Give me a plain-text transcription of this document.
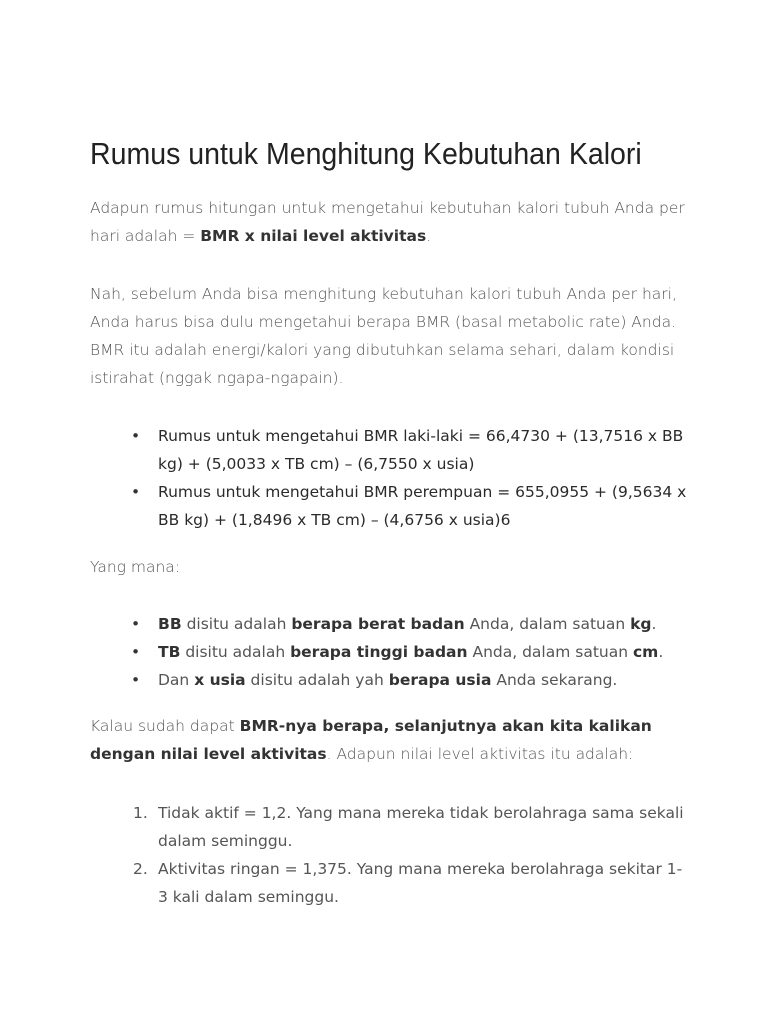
Rumus untuk Menghitung Kebutuhan Kalori

Adapun rumus hitungan untuk mengetahui kebutuhan kalori tubuh Anda per hari adalah = BMR x nilai level aktivitas.

Nah, sebelum Anda bisa menghitung kebutuhan kalori tubuh Anda per hari, Anda harus bisa dulu mengetahui berapa BMR (basal metabolic rate) Anda. BMR itu adalah energi/kalori yang dibutuhkan selama sehari, dalam kondisi istirahat (nggak ngapa-ngapain).

• Rumus untuk mengetahui BMR laki-laki = 66,4730 + (13,7516 x BB kg) + (5,0033 x TB cm) – (6,7550 x usia)
• Rumus untuk mengetahui BMR perempuan = 655,0955 + (9,5634 x BB kg) + (1,8496 x TB cm) – (4,6756 x usia)6

Yang mana:

• BB disitu adalah berapa berat badan Anda, dalam satuan kg.
• TB disitu adalah berapa tinggi badan Anda, dalam satuan cm.
• Dan x usia disitu adalah yah berapa usia Anda sekarang.

Kalau sudah dapat BMR-nya berapa, selanjutnya akan kita kalikan dengan nilai level aktivitas. Adapun nilai level aktivitas itu adalah:

1. Tidak aktif = 1,2. Yang mana mereka tidak berolahraga sama sekali dalam seminggu.
2. Aktivitas ringan = 1,375. Yang mana mereka berolahraga sekitar 1-3 kali dalam seminggu.
